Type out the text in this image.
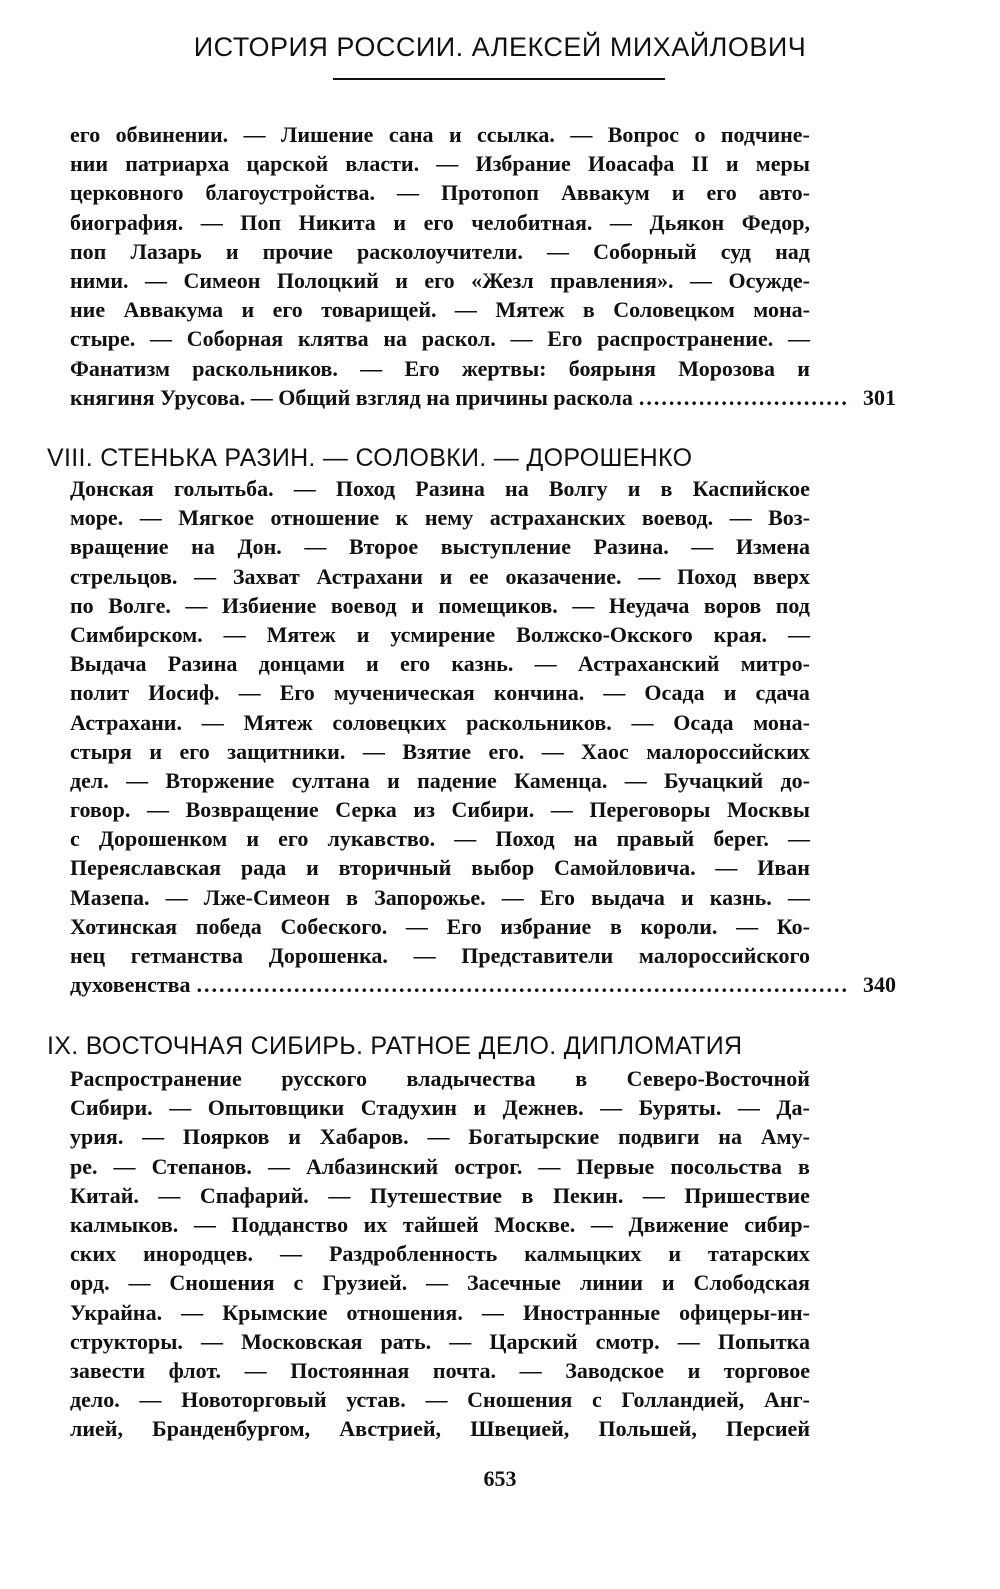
ИСТОРИЯ РОССИИ. АЛЕКСЕЙ МИХАЙЛОВИЧ
его обвинении. — Лишение сана и ссылка. — Вопрос о подчине-
нии патриарха царской власти. — Избрание Иоасафа II и меры
церковного благоустройства. — Протопоп Аввакум и его авто-
биография. — Поп Никита и его челобитная. — Дьякон Федор,
поп Лазарь и прочие расколоучители. — Соборный суд над
ними. — Симеон Полоцкий и его «Жезл правления». — Осужде-
ние Аввакума и его товарищей. — Мятеж в Соловецком мона-
стыре. — Соборная клятва на раскол. — Его распространение. —
Фанатизм раскольников. — Его жертвы: боярыня Морозова и
княгиня Урусова. — Общий взгляд на причины раскола .....	301
VIII. СТЕНЬКА РАЗИН. — СОЛОВКИ. — ДОРОШЕНКО
Донская голытьба. — Поход Разина на Волгу и в Каспийское
море. — Мягкое отношение к нему астраханских воевод. — Воз-
вращение на Дон. — Второе выступление Разина. — Измена
стрельцов. — Захват Астрахани и ее оказачение. — Поход вверх
по Волге. — Избиение воевод и помещиков. — Неудача воров под
Симбирском. — Мятеж и усмирение Волжско-Окского края. —
Выдача Разина донцами и его казнь. — Астраханский митро-
полит Иосиф. — Его мученическая кончина. — Осада и сдача
Астрахани. — Мятеж соловецких раскольников. — Осада мона-
стыря и его защитники. — Взятие его. — Хаос малороссийских
дел. — Вторжение султана и падение Каменца. — Бучацкий до-
говор. — Возвращение Серка из Сибири. — Переговоры Москвы
с Дорошенком и его лукавство. — Поход на правый берег. —
Переяславская рада и вторичный выбор Самойловича. — Иван
Мазепа. — Лже-Симеон в Запорожье. — Его выдача и казнь. —
Хотинская победа Собеского. — Его избрание в короли. — Ко-
нец гетманства Дорошенка. — Представители малороссийского
духовенства .....	340
IX. ВОСТОЧНАЯ СИБИРЬ. РАТНОЕ ДЕЛО. ДИПЛОМАТИЯ
Распространение русского владычества в Северо-Восточной
Сибири. — Опытовщики Стадухин и Дежнев. — Буряты. — Да-
урия. — Поярков и Хабаров. — Богатырские подвиги на Аму-
ре. — Степанов. — Албазинский острог. — Первые посольства в
Китай. — Спафарий. — Путешествие в Пекин. — Пришествие
калмыков. — Подданство их тайшей Москве. — Движение сибир-
ских инородцев. — Раздробленность калмыцких и татарских
орд. — Сношения с Грузией. — Засечные линии и Слободская
Украйна. — Крымские отношения. — Иностранные офицеры-ин-
структоры. — Московская рать. — Царский смотр. — Попытка
завести флот. — Постоянная почта. — Заводское и торговое
дело. — Новоторговый устав. — Сношения с Голландией, Анг-
лией, Бранденбургом, Австрией, Швецией, Польшей, Персией
653
